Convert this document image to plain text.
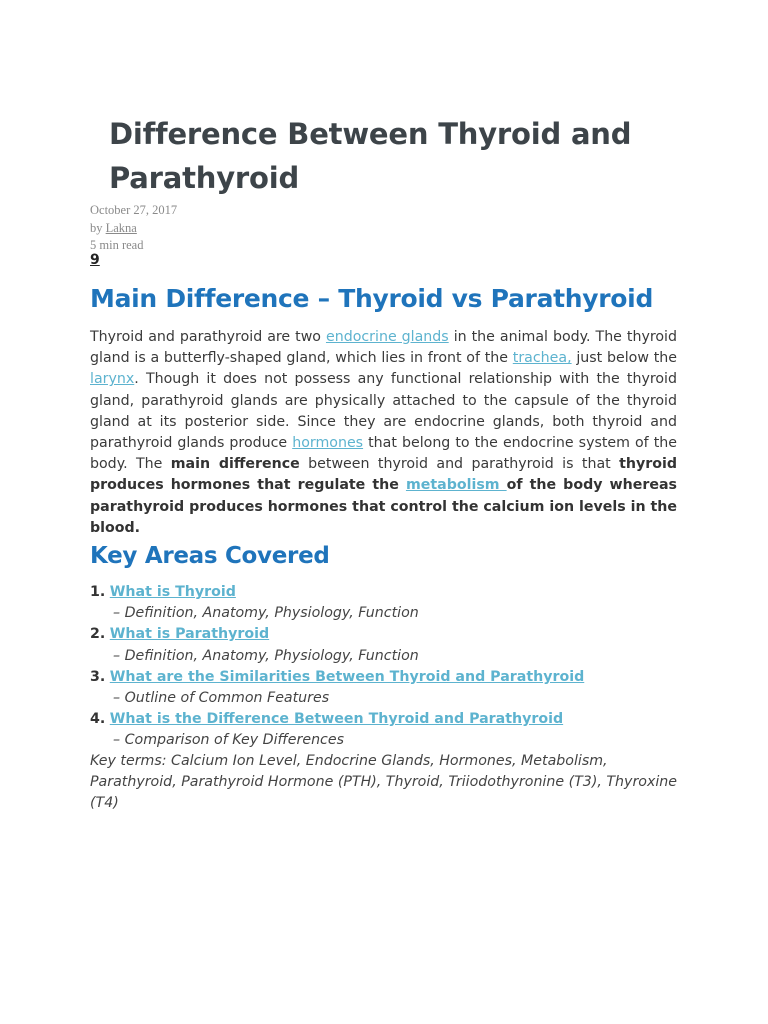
Difference Between Thyroid and Parathyroid
October 27, 2017
by Lakna
5 min read
9
Main Difference – Thyroid vs Parathyroid

Thyroid and parathyroid are two endocrine glands in the animal body. The thyroid gland is a butterfly-shaped gland, which lies in front of the trachea, just below the larynx. Though it does not possess any functional relationship with the thyroid gland, parathyroid glands are physically attached to the capsule of the thyroid gland at its posterior side. Since they are endocrine glands, both thyroid and parathyroid glands produce hormones that belong to the endocrine system of the body. The main difference between thyroid and parathyroid is that thyroid produces hormones that regulate the metabolism of the body whereas parathyroid produces hormones that control the calcium ion levels in the blood.

Key Areas Covered
1. What is Thyroid
– Definition, Anatomy, Physiology, Function
2. What is Parathyroid
– Definition, Anatomy, Physiology, Function
3. What are the Similarities Between Thyroid and Parathyroid
– Outline of Common Features
4. What is the Difference Between Thyroid and Parathyroid
– Comparison of Key Differences

Key terms: Calcium Ion Level, Endocrine Glands, Hormones, Metabolism, Parathyroid, Parathyroid Hormone (PTH), Thyroid, Triiodothyronine (T3), Thyroxine (T4)
